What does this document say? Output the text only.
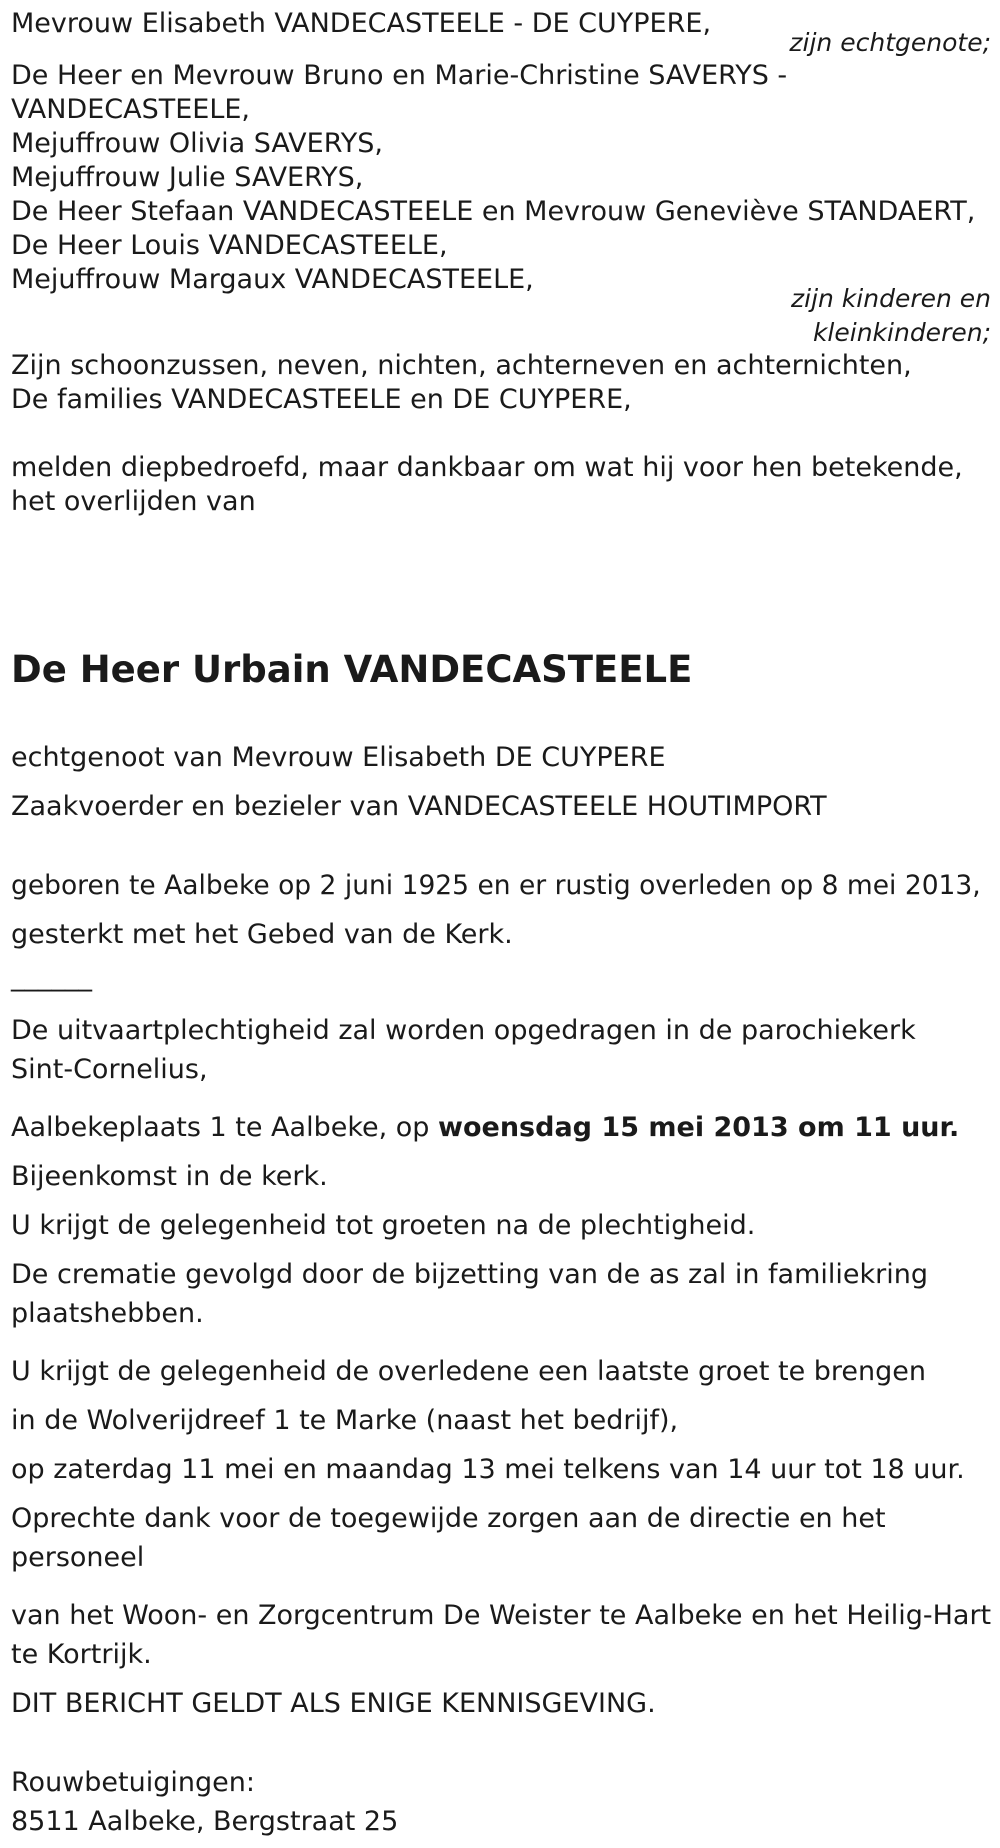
Mevrouw Elisabeth VANDECASTEELE - DE CUYPERE,

zijn echtgenote;

De Heer en Mevrouw Bruno en Marie-Christine SAVERYS -

VANDECASTEELE,

Mejuffrouw Olivia SAVERYS,

Mejuffrouw Julie SAVERYS,

De Heer Stefaan VANDECASTEELE en Mevrouw Geneviève STANDAERT,

De Heer Louis VANDECASTEELE,

Mejuffrouw Margaux VANDECASTEELE,

zijn kinderen en

kleinkinderen;

Zijn schoonzussen, neven, nichten, achterneven en achternichten,

De families VANDECASTEELE en DE CUYPERE,

melden diepbedroefd, maar dankbaar om wat hij voor hen betekende,

het overlijden van

De Heer Urbain VANDECASTEELE

echtgenoot van Mevrouw Elisabeth DE CUYPERE

Zaakvoerder en bezieler van VANDECASTEELE HOUTIMPORT

geboren te Aalbeke op 2 juni 1925 en er rustig overleden op 8 mei 2013,

gesterkt met het Gebed van de Kerk.

______

De uitvaartplechtigheid zal worden opgedragen in de parochiekerk

Sint-Cornelius,

Aalbekeplaats 1 te Aalbeke, op woensdag 15 mei 2013 om 11 uur.

Bijeenkomst in de kerk.

U krijgt de gelegenheid tot groeten na de plechtigheid.

De crematie gevolgd door de bijzetting van de as zal in familiekring

plaatshebben.

U krijgt de gelegenheid de overledene een laatste groet te brengen

in de Wolverijdreef 1 te Marke (naast het bedrijf),

op zaterdag 11 mei en maandag 13 mei telkens van 14 uur tot 18 uur.

Oprechte dank voor de toegewijde zorgen aan de directie en het

personeel

van het Woon- en Zorgcentrum De Weister te Aalbeke en het Heilig-Hart

te Kortrijk.

DIT BERICHT GELDT ALS ENIGE KENNISGEVING.

Rouwbetuigingen:

8511 Aalbeke, Bergstraat 25
